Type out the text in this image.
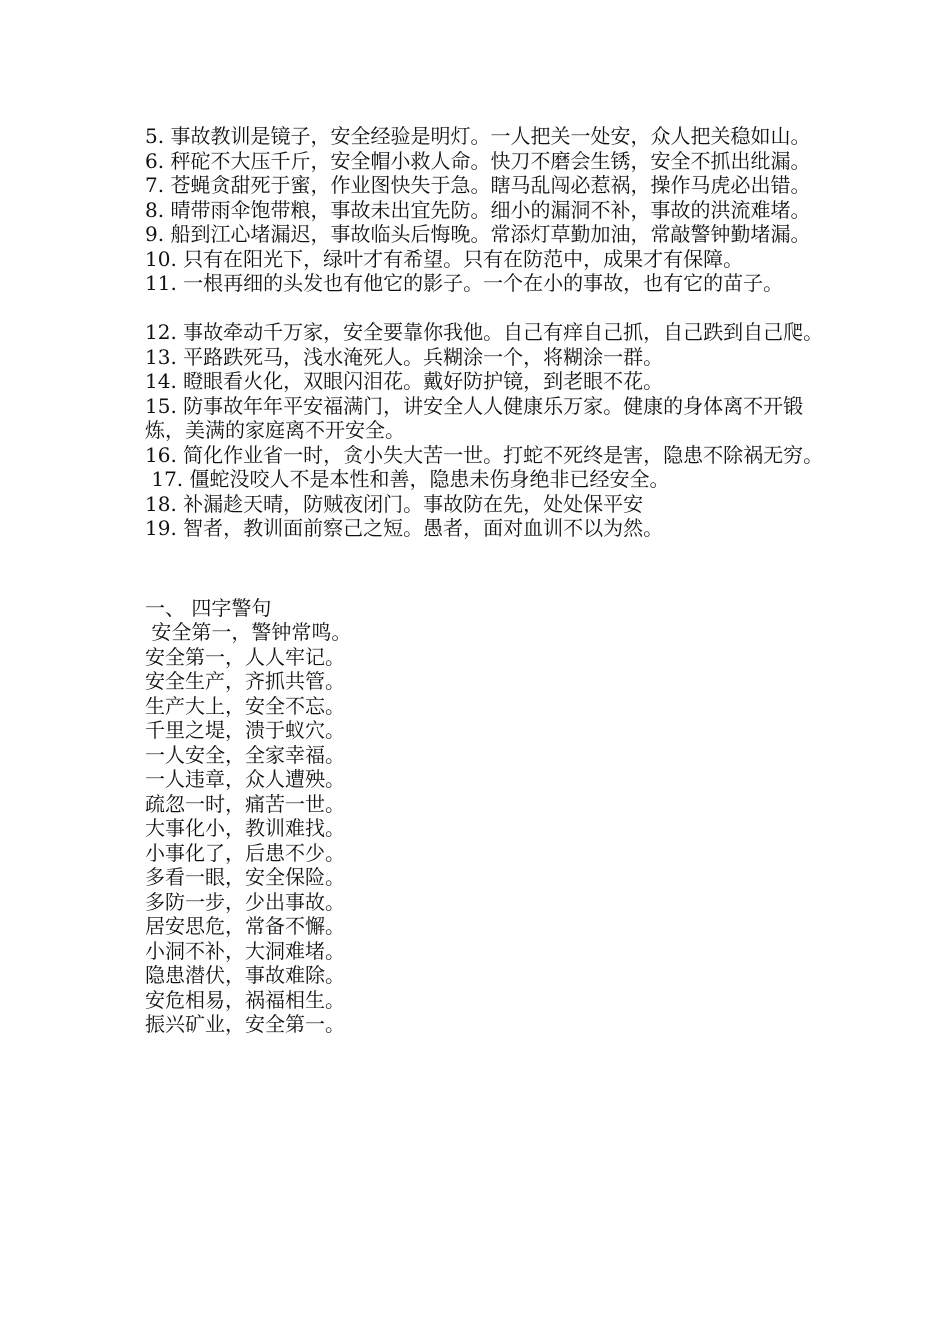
5. 事故教训是镜子，安全经验是明灯。一人把关一处安，众人把关稳如山。

6. 秤砣不大压千斤，安全帽小救人命。快刀不磨会生锈，安全不抓出纰漏。

7. 苍蝇贪甜死于蜜，作业图快失于急。瞎马乱闯必惹祸，操作马虎必出错。

8. 晴带雨伞饱带粮，事故未出宜先防。细小的漏洞不补，事故的洪流难堵。

9. 船到江心堵漏迟，事故临头后悔晚。常添灯草勤加油，常敲警钟勤堵漏。

10. 只有在阳光下，绿叶才有希望。只有在防范中，成果才有保障。

11. 一根再细的头发也有他它的影子。一个在小的事故，也有它的苗子。

12. 事故牵动千万家，安全要靠你我他。自己有痒自己抓，自己跌到自己爬。

13. 平路跌死马，浅水淹死人。兵糊涂一个，将糊涂一群。

14. 瞪眼看火化，双眼闪泪花。戴好防护镜，到老眼不花。

15. 防事故年年平安福满门，讲安全人人健康乐万家。健康的身体离不开锻炼，美满的家庭离不开安全。

16. 简化作业省一时，贪小失大苦一世。打蛇不死终是害，隐患不除祸无穷。

17. 僵蛇没咬人不是本性和善，隐患未伤身绝非已经安全。

18. 补漏趁天晴，防贼夜闭门。事故防在先，处处保平安

19. 智者，教训面前察己之短。愚者，面对血训不以为然。

一、 四字警句

安全第一，警钟常鸣。

安全第一，人人牢记。

安全生产，齐抓共管。

生产大上，安全不忘。

千里之堤，溃于蚁穴。

一人安全，全家幸福。

一人违章，众人遭殃。

疏忽一时，痛苦一世。

大事化小，教训难找。

小事化了，后患不少。

多看一眼，安全保险。

多防一步，少出事故。

居安思危，常备不懈。

小洞不补，大洞难堵。

隐患潜伏，事故难除。

安危相易，祸福相生。

振兴矿业，安全第一。
